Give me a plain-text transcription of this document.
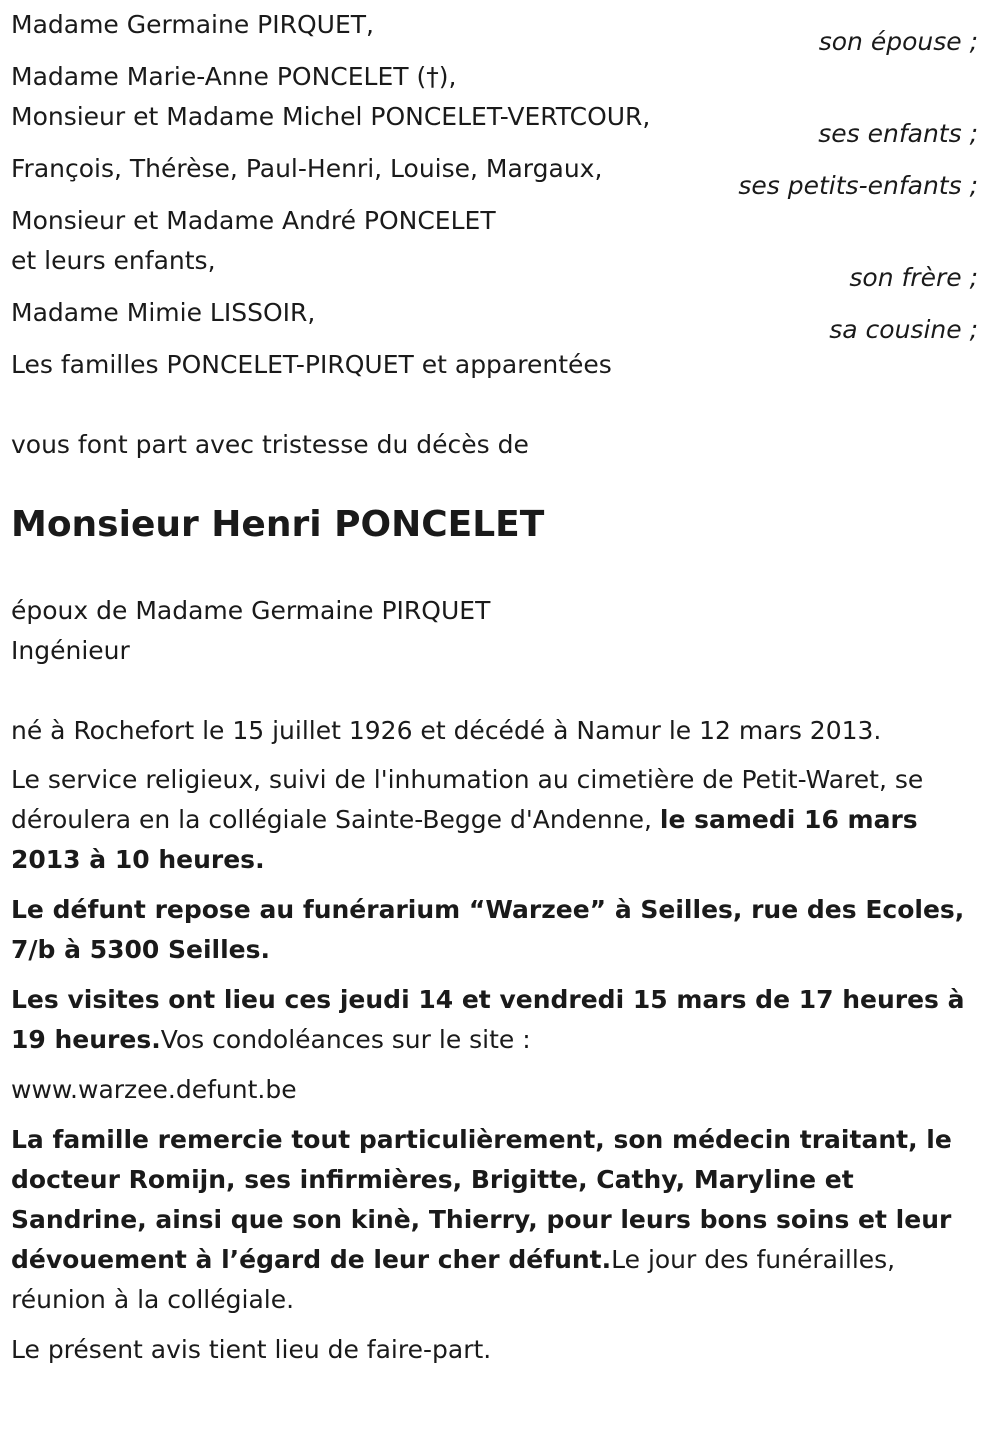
Madame Germaine PIRQUET,
son épouse ;
Madame Marie-Anne PONCELET (†),
Monsieur et Madame Michel PONCELET-VERTCOUR,
ses enfants ;
François, Thérèse, Paul-Henri, Louise, Margaux,
ses petits-enfants ;
Monsieur et Madame André PONCELET
et leurs enfants,
son frère ;
Madame Mimie LISSOIR,
sa cousine ;
Les familles PONCELET-PIRQUET et apparentées
vous font part avec tristesse du décès de
Monsieur Henri PONCELET
époux de Madame Germaine PIRQUET
Ingénieur
né à Rochefort le 15 juillet 1926 et décédé à Namur le 12 mars 2013.
Le service religieux, suivi de l'inhumation au cimetière de Petit-Waret, se déroulera en la collégiale Sainte-Begge d'Andenne, le samedi 16 mars 2013 à 10 heures.
Le défunt repose au funérarium “Warzee” à Seilles, rue des Ecoles, 7/b à 5300 Seilles.
Les visites ont lieu ces jeudi 14 et vendredi 15 mars de 17 heures à 19 heures.Vos condoléances sur le site :
www.warzee.defunt.be
La famille remercie tout particulièrement, son médecin traitant, le docteur Romijn, ses infirmières, Brigitte, Cathy, Maryline et Sandrine, ainsi que son kinè, Thierry, pour leurs bons soins et leur dévouement à l’égard de leur cher défunt.Le jour des funérailles, réunion à la collégiale.
Le présent avis tient lieu de faire-part.
